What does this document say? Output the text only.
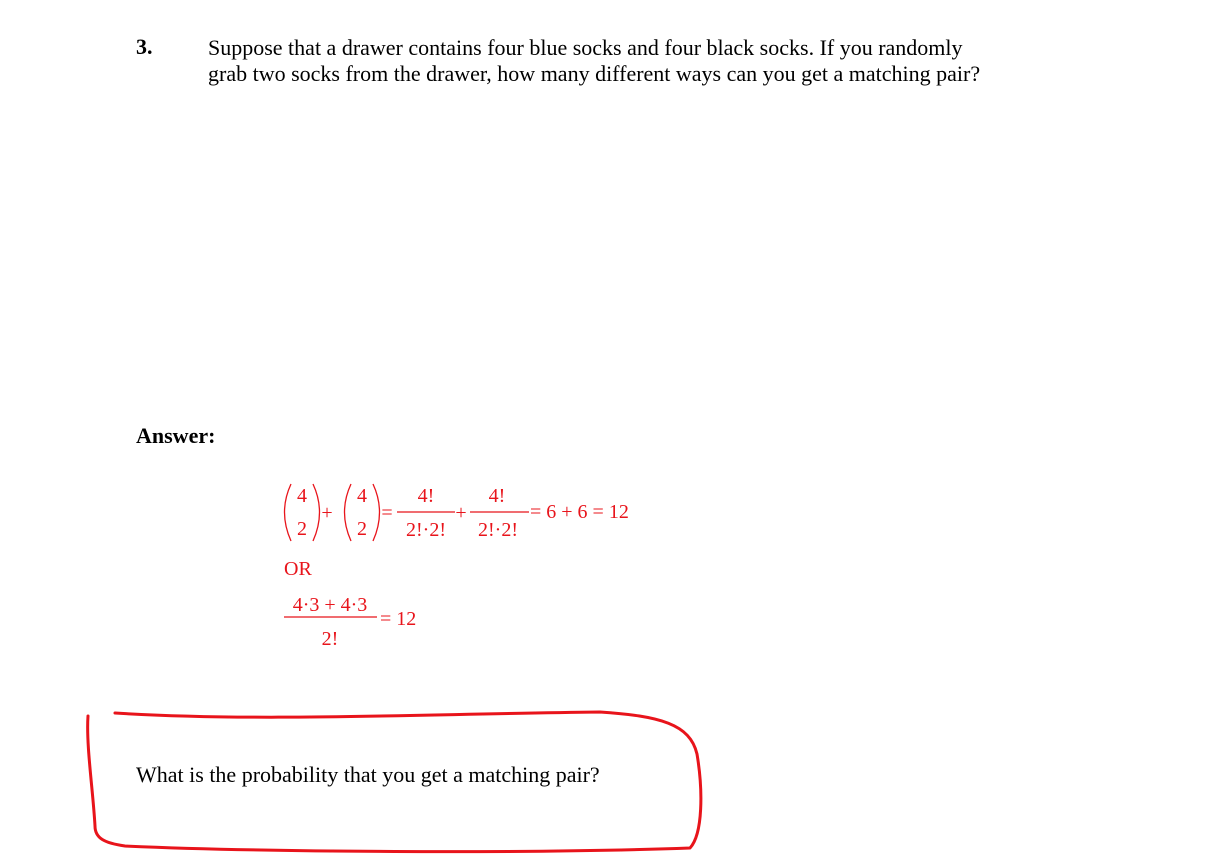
3.	Suppose that a drawer contains four blue socks and four black socks. If you randomly
grab two socks from the drawer, how many different ways can you get a matching pair?
Answer:
4
2
+
4
2
=
4!
2!·2!
+
4!
2!·2!
= 6 + 6 = 12
OR
4·3 + 4·3
2!
= 12
What is the probability that you get a matching pair?
